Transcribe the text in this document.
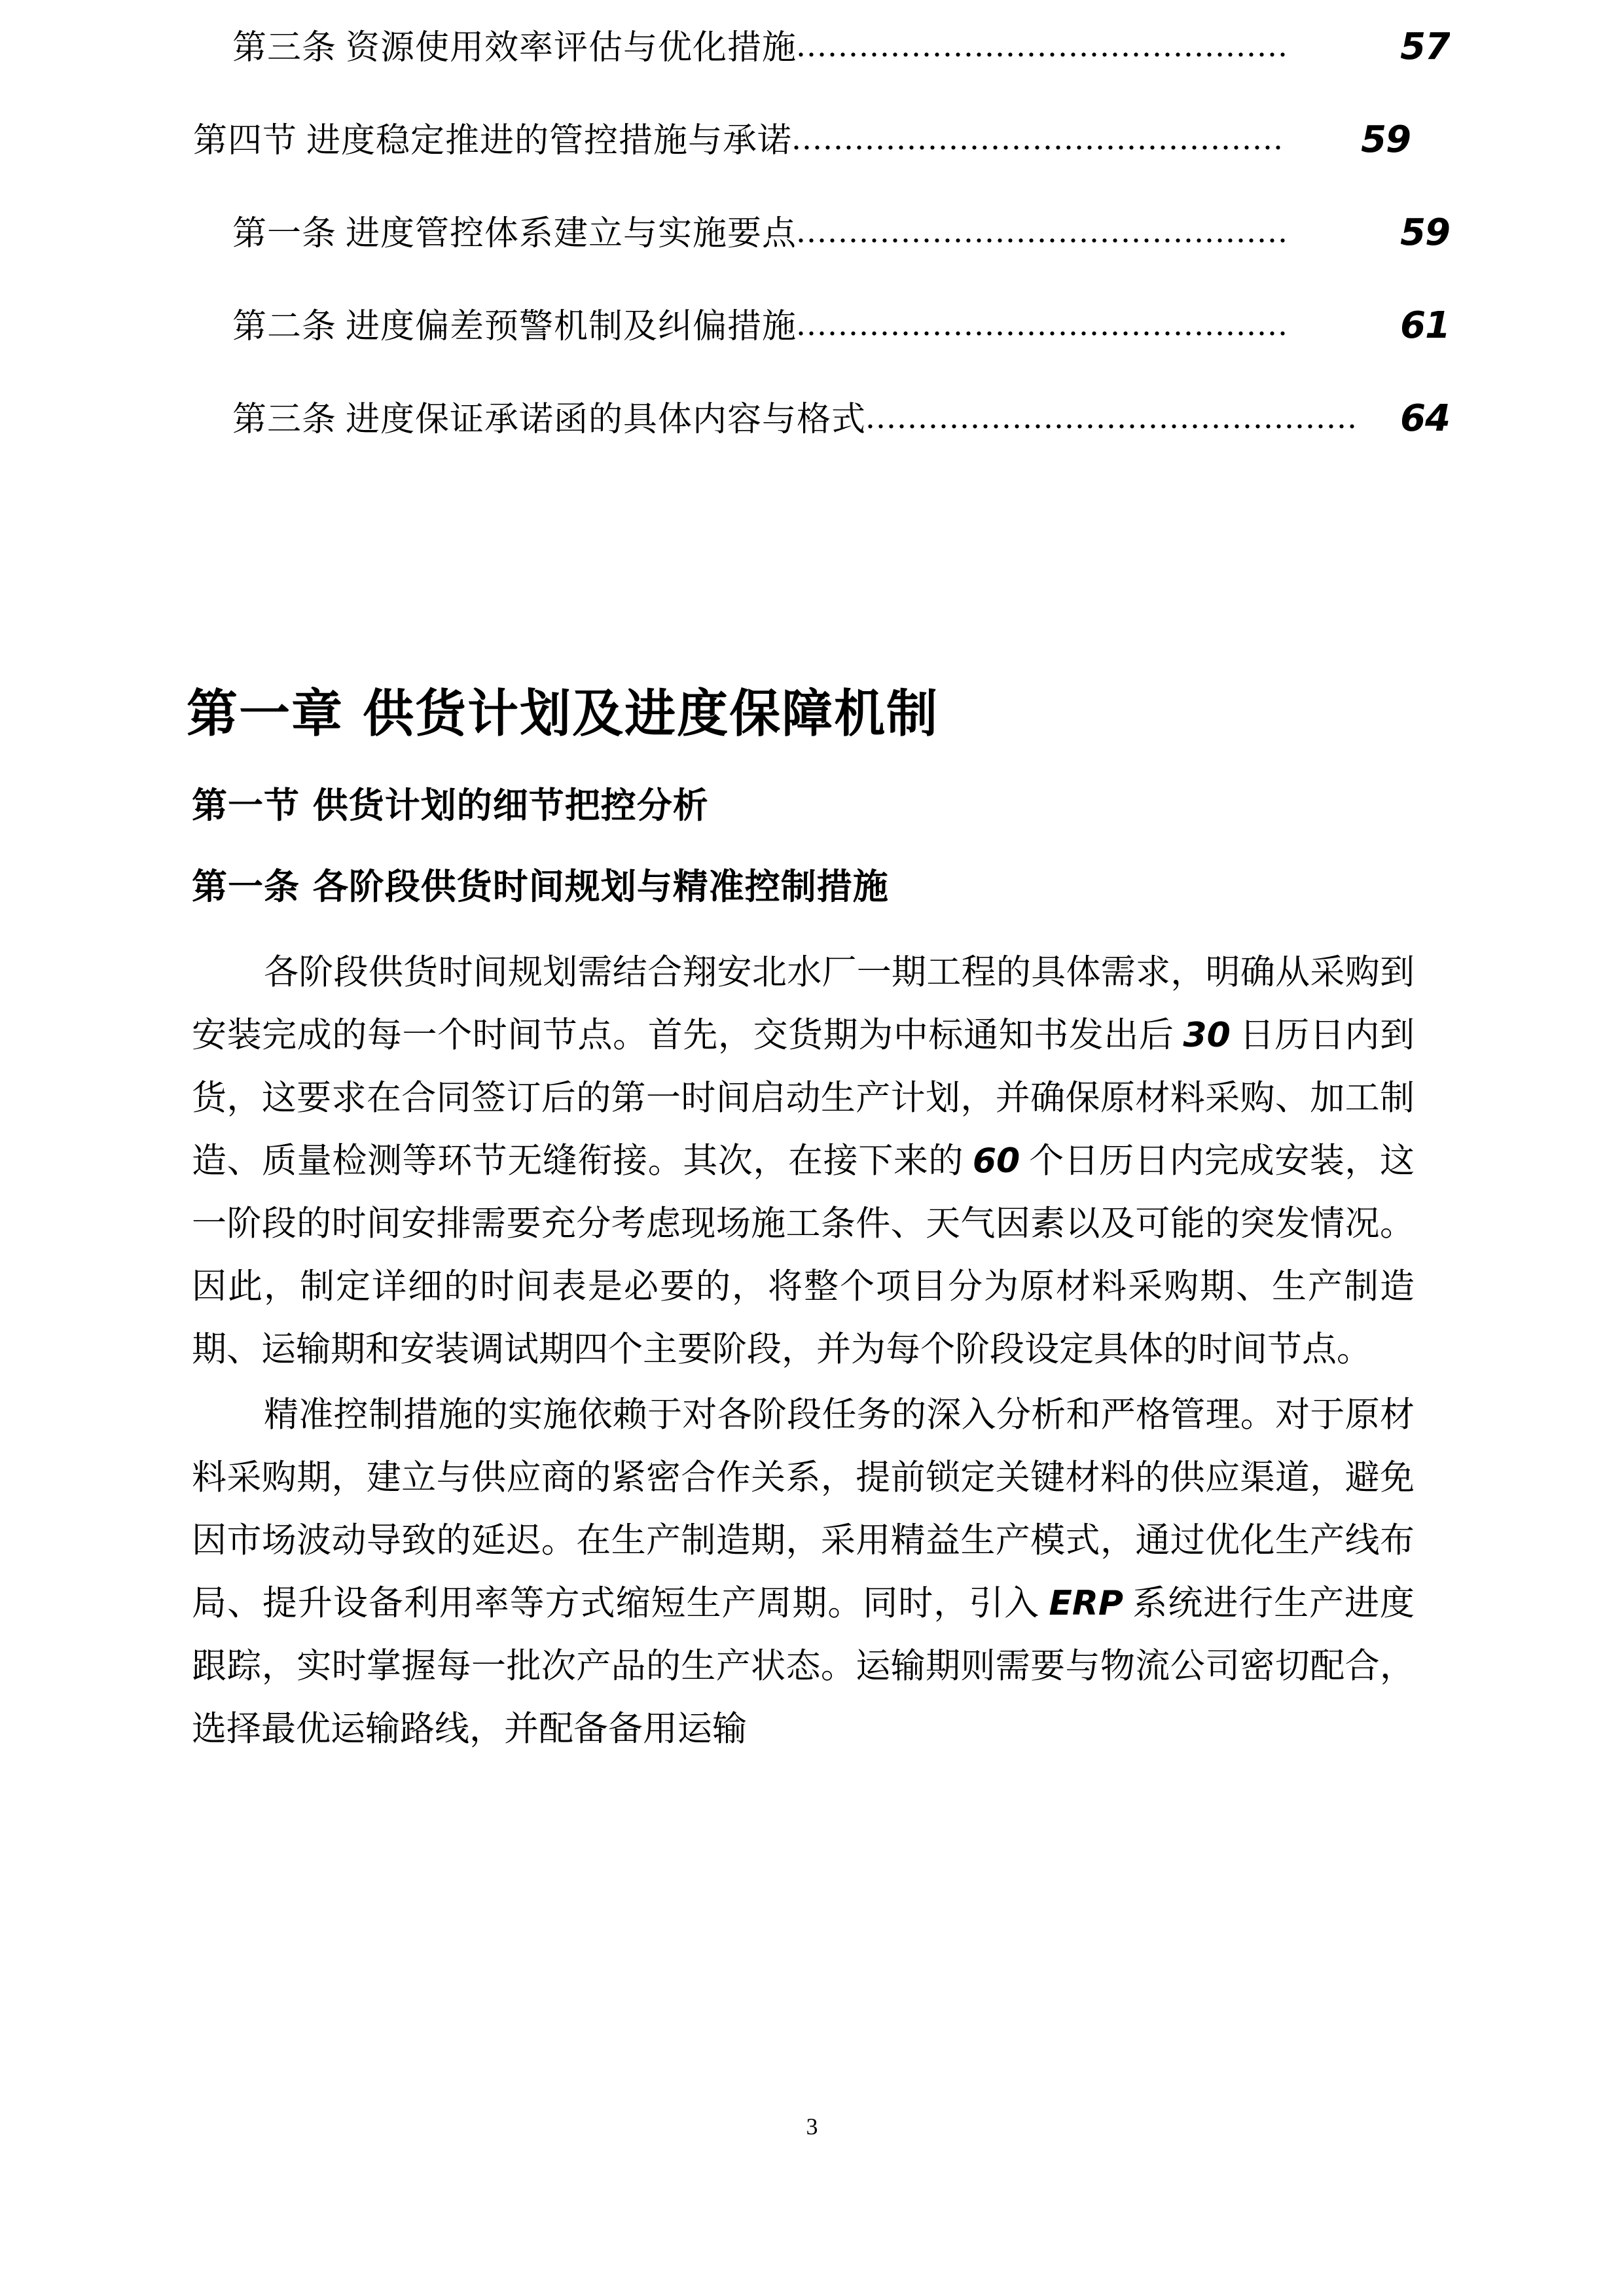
第三条 资源使用效率评估与优化措施 ...............................................	57
第四节 进度稳定推进的管控措施与承诺 ...............................................	59
第一条 进度管控体系建立与实施要点 ...............................................	59
第二条 进度偏差预警机制及纠偏措施 ...............................................	61
第三条 进度保证承诺函的具体内容与格式 ...............................................	64
第一章 供货计划及进度保障机制
第一节 供货计划的细节把控分析
第一条 各阶段供货时间规划与精准控制措施

各阶段供货时间规划需结合翔安北水厂一期工程的具体需求，明确从采购到安装完成的每一个时间节点。首先，交货期为中标通知书发出后 30 日历日内到货，这要求在合同签订后的第一时间启动生产计划，并确保原材料采购、加工制造、质量检测等环节无缝衔接。其次，在接下来的 60 个日历日内完成安装，这一阶段的时间安排需要充分考虑现场施工条件、天气因素以及可能的突发情况。因此，制定详细的时间表是必要的，将整个项目分为原材料采购期、生产制造期、运输期和安装调试期四个主要阶段，并为每个阶段设定具体的时间节点。

精准控制措施的实施依赖于对各阶段任务的深入分析和严格管理。对于原材料采购期，建立与供应商的紧密合作关系，提前锁定关键材料的供应渠道，避免因市场波动导致的延迟。在生产制造期，采用精益生产模式，通过优化生产线布局、提升设备利用率等方式缩短生产周期。同时，引入 ERP 系统进行生产进度跟踪，实时掌握每一批次产品的生产状态。运输期则需要与物流公司密切配合，选择最优运输路线，并配备备用运输

3
